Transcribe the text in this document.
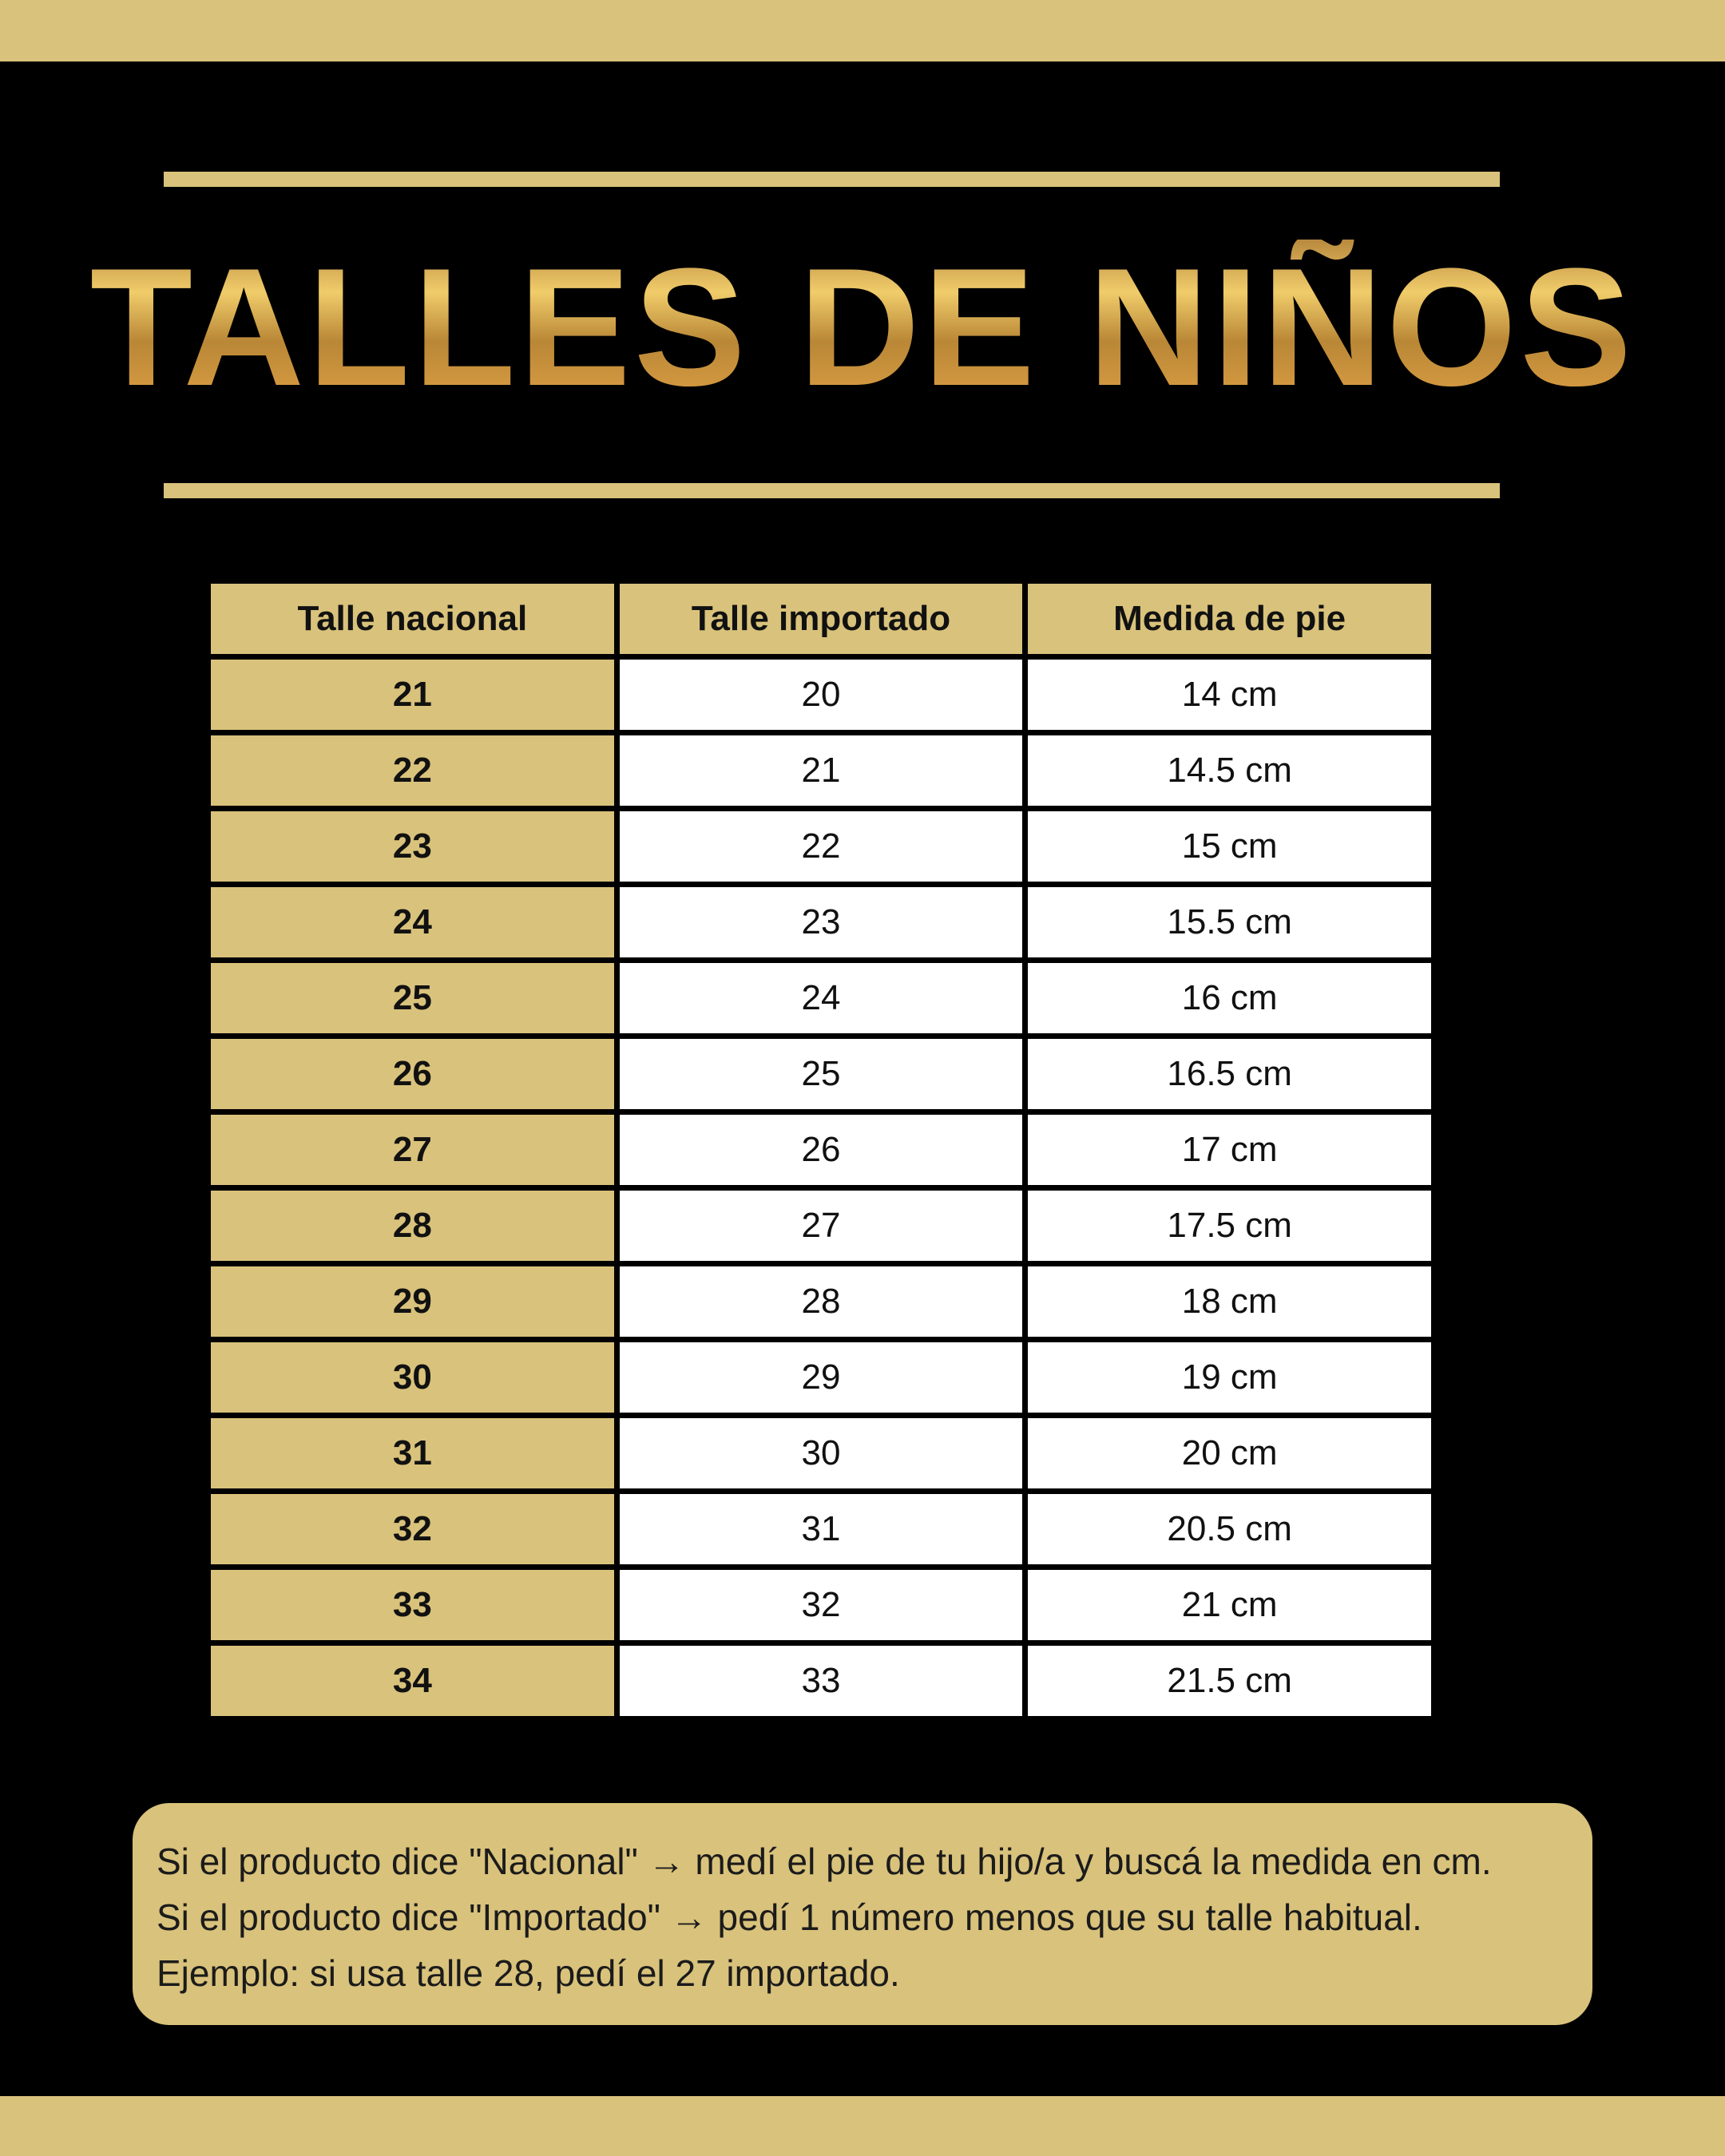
TALLES DE NIÑOS
Talle nacional	Talle importado	Medida de pie
21	20	14 cm
22	21	14.5 cm
23	22	15 cm
24	23	15.5 cm
25	24	16 cm
26	25	16.5 cm
27	26	17 cm
28	27	17.5 cm
29	28	18 cm
30	29	19 cm
31	30	20 cm
32	31	20.5 cm
33	32	21 cm
34	33	21.5 cm

Si el producto dice "Nacional" → medí el pie de tu hijo/a y buscá la medida en cm.

Si el producto dice "Importado" → pedí 1 número menos que su talle habitual.

Ejemplo: si usa talle 28, pedí el 27 importado.
